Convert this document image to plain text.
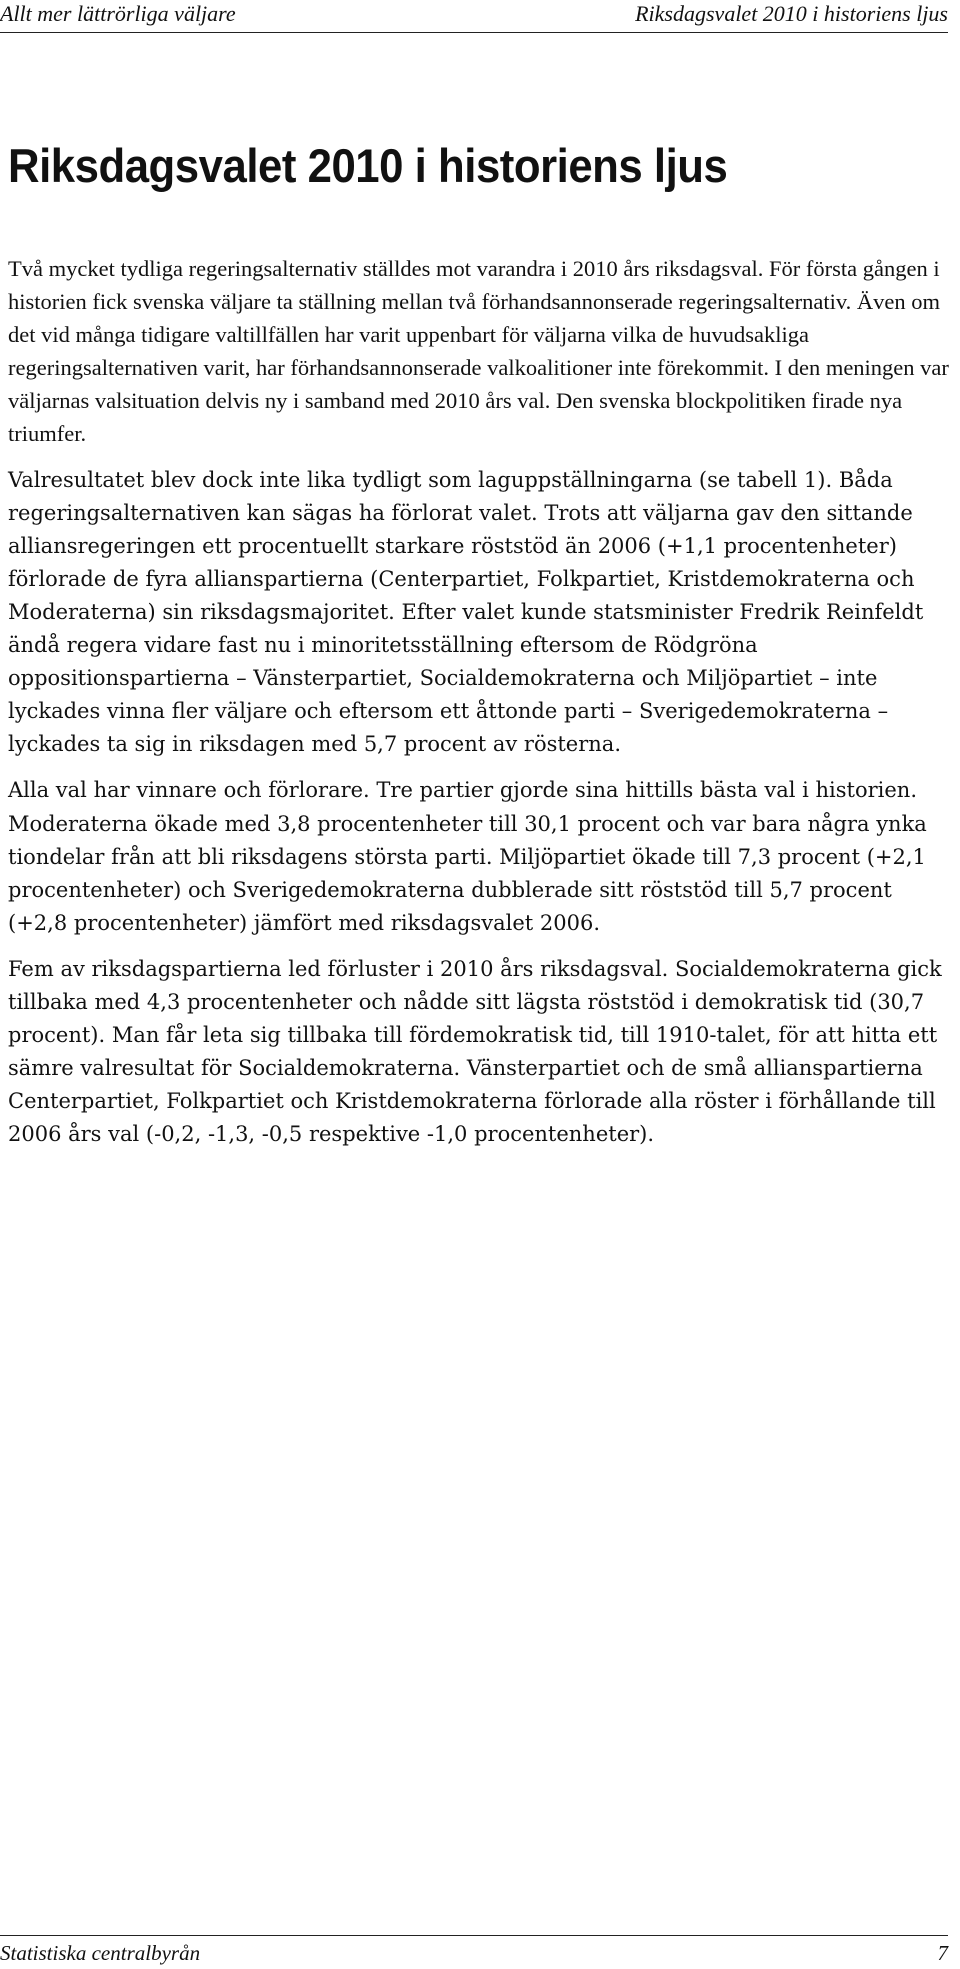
Allt mer lättrörliga väljare	Riksdagsvalet 2010 i historiens ljus
Riksdagsvalet 2010 i historiens ljus

Två mycket tydliga regeringsalternativ ställdes mot varandra i 2010 års riksdagsval. För första gången i historien fick svenska väljare ta ställning mellan två förhandsannonserade regeringsalternativ. Även om det vid många tidigare valtillfällen har varit uppenbart för väljarna vilka de huvudsakliga regeringsalternativen varit, har förhandsannonserade valkoalitioner inte förekommit. I den meningen var väljarnas valsituation delvis ny i samband med 2010 års val. Den svenska blockpolitiken firade nya triumfer.

Valresultatet blev dock inte lika tydligt som laguppställningarna (se tabell 1). Båda regeringsalternativen kan sägas ha förlorat valet. Trots att väljarna gav den sittande alliansregeringen ett procentuellt starkare röststöd än 2006 (+1,1 procentenheter) förlorade de fyra allianspartierna (Centerpartiet, Folkpartiet, Kristdemokraterna och Moderaterna) sin riksdagsmajoritet. Efter valet kunde statsminister Fredrik Reinfeldt ändå regera vidare fast nu i minoritetsställning eftersom de Rödgröna oppositionspartierna – Vänsterpartiet, Socialdemokraterna och Miljöpartiet – inte lyckades vinna fler väljare och eftersom ett åttonde parti – Sverigedemokraterna – lyckades ta sig in riksdagen med 5,7 procent av rösterna.

Alla val har vinnare och förlorare. Tre partier gjorde sina hittills bästa val i historien. Moderaterna ökade med 3,8 procentenheter till 30,1 procent och var bara några ynka tiondelar från att bli riksdagens största parti. Miljöpartiet ökade till 7,3 procent (+2,1 procentenheter) och Sverigedemokraterna dubblerade sitt röststöd till 5,7 procent (+2,8 procentenheter) jämfört med riksdagsvalet 2006.

Fem av riksdagspartierna led förluster i 2010 års riksdagsval. Socialdemokraterna gick tillbaka med 4,3 procentenheter och nådde sitt lägsta röststöd i demokratisk tid (30,7 procent). Man får leta sig tillbaka till fördemokratisk tid, till 1910-talet, för att hitta ett sämre valresultat för Socialdemokraterna. Vänsterpartiet och de små allianspartierna Centerpartiet, Folkpartiet och Kristdemokraterna förlorade alla röster i förhållande till 2006 års val (-0,2, -1,3, -0,5 respektive -1,0 procentenheter).

Statistiska centralbyrån	7
